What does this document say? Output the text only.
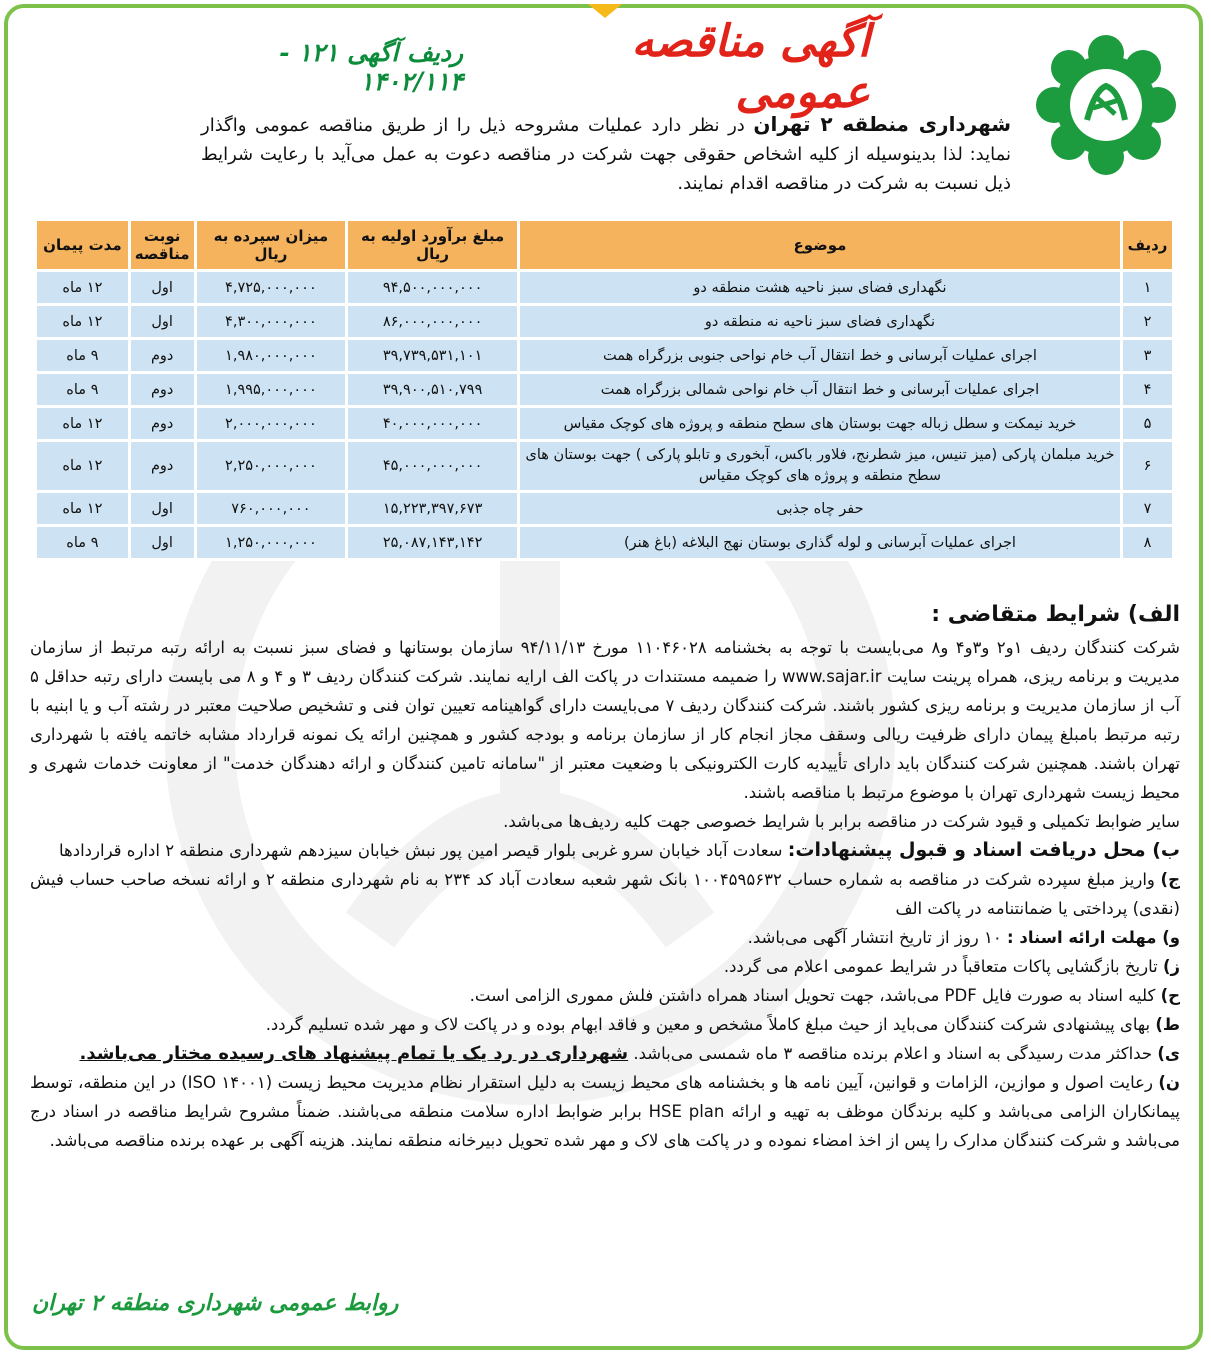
آگهی مناقصه عمومی
ردیف آگهی ۱۲۱ - ۱۴۰۲/۱۱۴
شهرداری منطقه ۲ تهران در نظر دارد عملیات مشروحه ذیل را از طریق مناقصه عمومی واگذار نماید: لذا بدینوسیله از کلیه اشخاص حقوقی جهت شرکت در مناقصه دعوت به عمل می‌آید با رعایت شرایط ذیل نسبت به شرکت در مناقصه اقدام نمایند.
ردیف	موضوع	مبلغ برآورد اولیه به ریال	میزان سپرده به ریال	نوبت مناقصه	مدت پیمان
۱	نگهداری فضای سبز ناحیه هشت منطقه دو	۹۴,۵۰۰,۰۰۰,۰۰۰	۴,۷۲۵,۰۰۰,۰۰۰	اول	۱۲ ماه
۲	نگهداری فضای سبز ناحیه نه منطقه دو	۸۶,۰۰۰,۰۰۰,۰۰۰	۴,۳۰۰,۰۰۰,۰۰۰	اول	۱۲ ماه
۳	اجرای عملیات آبرسانی و خط انتقال آب خام نواحی جنوبی بزرگراه همت	۳۹,۷۳۹,۵۳۱,۱۰۱	۱,۹۸۰,۰۰۰,۰۰۰	دوم	۹ ماه
۴	اجرای عملیات آبرسانی و خط انتقال آب خام نواحی شمالی بزرگراه همت	۳۹,۹۰۰,۵۱۰,۷۹۹	۱,۹۹۵,۰۰۰,۰۰۰	دوم	۹ ماه
۵	خرید نیمکت و سطل زباله جهت بوستان های سطح منطقه و پروژه های کوچک مقیاس	۴۰,۰۰۰,۰۰۰,۰۰۰	۲,۰۰۰,۰۰۰,۰۰۰	دوم	۱۲ ماه
۶	خرید مبلمان پارکی (میز تنیس، میز شطرنج، فلاور باکس، آبخوری و تابلو پارکی ) جهت بوستان های سطح منطقه و پروژه های کوچک مقیاس	۴۵,۰۰۰,۰۰۰,۰۰۰	۲,۲۵۰,۰۰۰,۰۰۰	دوم	۱۲ ماه
۷	حفر چاه جذبی	۱۵,۲۲۳,۳۹۷,۶۷۳	۷۶۰,۰۰۰,۰۰۰	اول	۱۲ ماه
۸	اجرای عملیات آبرسانی و لوله گذاری بوستان نهج البلاغه (باغ هنر)	۲۵,۰۸۷,۱۴۳,۱۴۲	۱,۲۵۰,۰۰۰,۰۰۰	اول	۹ ماه
الف) شرایط متقاضی :

شرکت کنندگان ردیف ۱و۲ و۳و۴ و۸ می‌بایست با توجه به بخشنامه ۱۱۰۴۶۰۲۸ مورخ ۹۴/۱۱/۱۳ سازمان بوستانها و فضای سبز نسبت به ارائه رتبه مرتبط از سازمان مدیریت و برنامه ریزی، همراه پرینت سایت www.sajar.ir را ضمیمه مستندات در پاکت الف ارایه نمایند. شرکت کنندگان ردیف ۳ و ۴ و ۸ می بایست دارای رتبه حداقل ۵ آب از سازمان مدیریت و برنامه ریزی کشور باشند. شرکت کنندگان ردیف ۷ می‌بایست دارای گواهینامه تعیین توان فنی و تشخیص صلاحیت معتبر در رشته آب و یا ابنیه با رتبه مرتبط بامبلغ پیمان دارای ظرفیت ریالی وسقف مجاز انجام کار از سازمان برنامه و بودجه کشور و همچنین ارائه یک نمونه قرارداد مشابه خاتمه یافته با شهرداری تهران باشند. همچنین شرکت کنندگان باید دارای تأییدیه کارت الکترونیکی با وضعیت معتبر از "سامانه تامین کنندگان و ارائه دهندگان خدمت" از معاونت خدمات شهری و محیط زیست شهرداری تهران با موضوع مرتبط با مناقصه باشند.

سایر ضوابط تکمیلی و قیود شرکت در مناقصه برابر با شرایط خصوصی جهت کلیه ردیف‌ها می‌باشد.

ب) محل دریافت اسناد و قبول پیشنهادات: سعادت آباد خیابان سرو غربی بلوار قیصر امین پور نبش خیابان سیزدهم شهرداری منطقه ۲ اداره قراردادها

ج) واریز مبلغ سپرده شرکت در مناقصه به شماره حساب ۱۰۰۴۵۹۵۶۳۲ بانک شهر شعبه سعادت آباد کد ۲۳۴ به نام شهرداری منطقه ۲ و ارائه نسخه صاحب حساب فیش (نقدی) پرداختی یا ضمانتنامه در پاکت الف

و) مهلت ارائه اسناد : ۱۰ روز از تاریخ انتشار آگهی می‌باشد.

ز) تاریخ بازگشایی پاکات متعاقباً در شرایط عمومی اعلام می گردد.

ح) کلیه اسناد به صورت فایل PDF می‌باشد، جهت تحویل اسناد همراه داشتن فلش مموری الزامی است.

ط) بهای پیشنهادی شرکت کنندگان می‌باید از حیث مبلغ کاملاً مشخص و معین و فاقد ابهام بوده و در پاکت لاک و مهر شده تسلیم گردد.

ی) حداکثر مدت رسیدگی به اسناد و اعلام برنده مناقصه ۳ ماه شمسی می‌باشد. شهرداری در رد یک یا تمام پیشنهاد های رسیده مختار می‌باشد.

ن) رعایت اصول و موازین، الزامات و قوانین، آیین نامه ها و بخشنامه های محیط زیست به دلیل استقرار نظام مدیریت محیط زیست (ISO ۱۴۰۰۱) در این منطقه، توسط پیمانکاران الزامی می‌باشد و کلیه برندگان موظف به تهیه و ارائه HSE plan برابر ضوابط اداره سلامت منطقه می‌باشند. ضمناً مشروح شرایط مناقصه در اسناد درج می‌باشد و شرکت کنندگان مدارک را پس از اخذ امضاء نموده و در پاکت های لاک و مهر شده تحویل دبیرخانه منطقه نمایند. هزینه آگهی بر عهده برنده مناقصه می‌باشد.

روابط عمومی شهرداری منطقه ۲ تهران
